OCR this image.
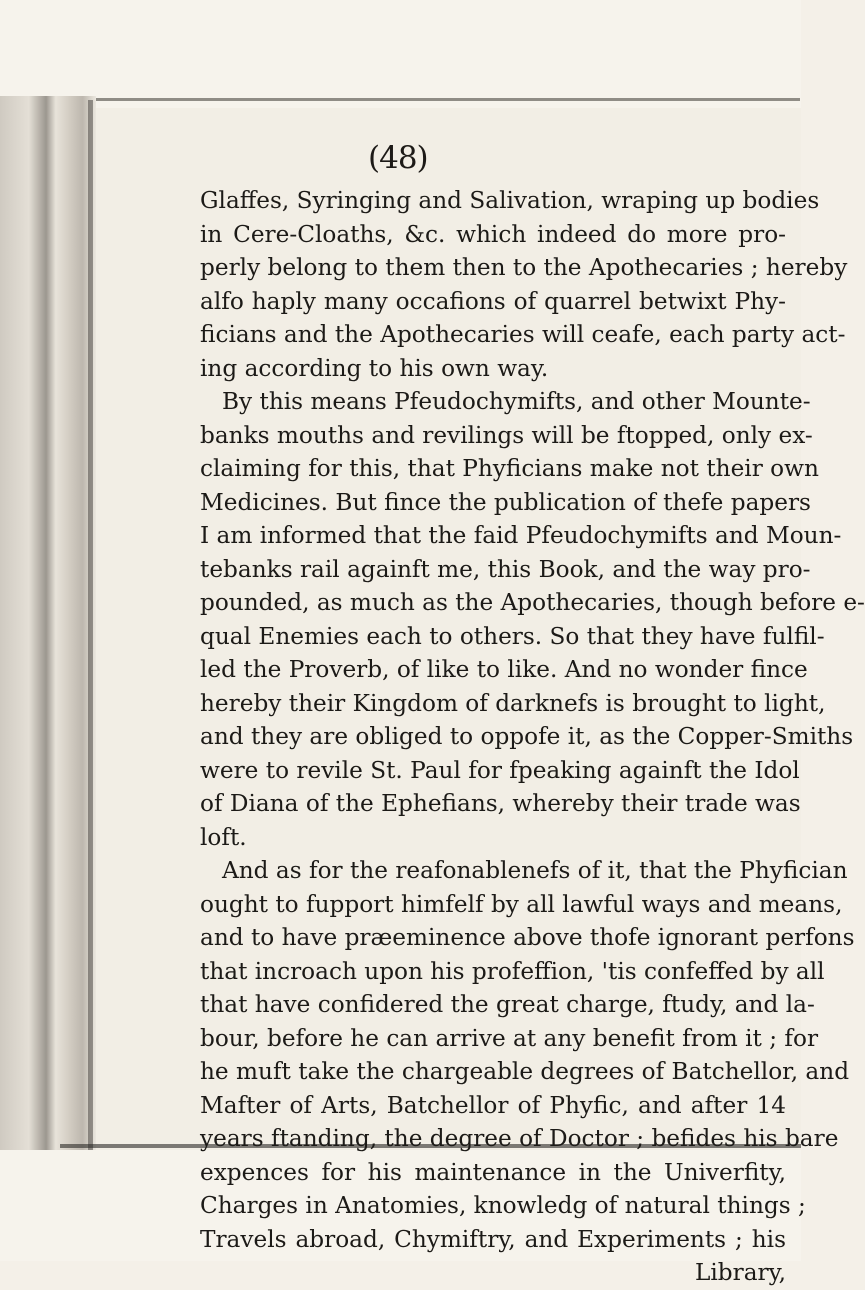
(48)
Glaffes, Syringing and Salivation, wraping up bodies
in Cere-Cloaths, &c. which indeed do more pro-
perly belong to them then to the Apothecaries ; hereby
alfo haply many occafions of quarrel betwixt Phy-
ficians and the Apothecaries will ceafe, each party act-
ing according to his own way.
By this means Pfeudochymifts, and other Mounte-
banks mouths and revilings will be ftopped, only ex-
claiming for this, that Phyficians make not their own
Medicines. But fince the publication of thefe papers
I am informed that the faid Pfeudochymifts and Moun-
tebanks rail againft me, this Book, and the way pro-
pounded, as much as the Apothecaries, though before e-
qual Enemies each to others. So that they have fulfil-
led the Proverb, of like to like. And no wonder fince
hereby their Kingdom of darknefs is brought to light,
and they are obliged to oppofe it, as the Copper-Smiths
were to revile St. Paul for fpeaking againft the Idol
of Diana of the Ephefians, whereby their trade was
loft.
And as for the reafonablenefs of it, that the Phyfician
ought to fupport himfelf by all lawful ways and means,
and to have præeminence above thofe ignorant perfons
that incroach upon his profeffion, 'tis confeffed by all
that have confidered the great charge, ftudy, and la-
bour, before he can arrive at any benefit from it ; for
he muft take the chargeable degrees of Batchellor, and
Mafter of Arts, Batchellor of Phyfic, and after 14
years ftanding, the degree of Doctor ; befides his bare
expences for his maintenance in the Univerfity,
Charges in Anatomies, knowledg of natural things ;
Travels abroad, Chymiftry, and Experiments ; his
Library,
